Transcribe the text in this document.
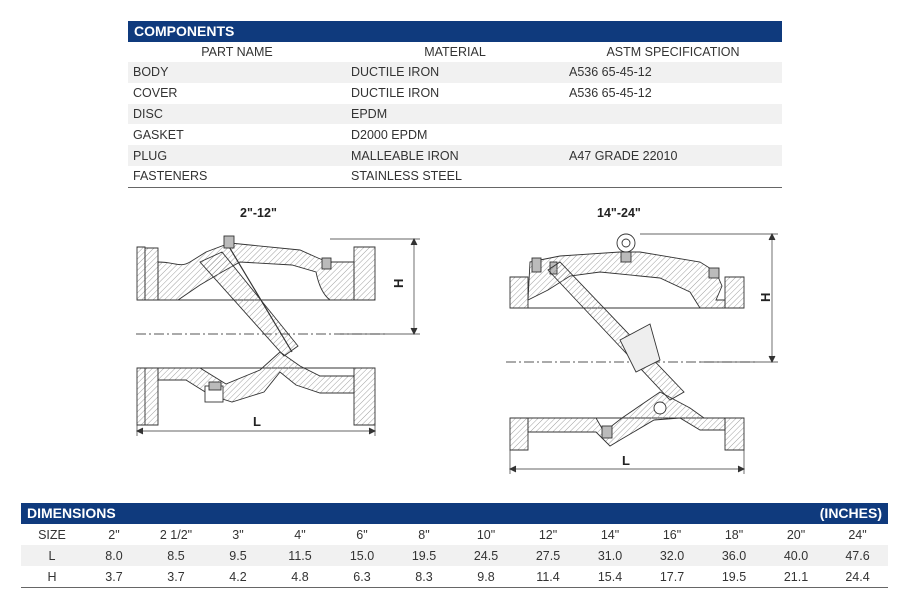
COMPONENTS
PART NAME	MATERIAL	ASTM SPECIFICATION
BODY	DUCTILE IRON	A536 65-45-12
COVER	DUCTILE IRON	A536 65-45-12
DISC	EPDM	
GASKET	D2000 EPDM	
PLUG	MALLEABLE IRON	A47 GRADE 22010
FASTENERS	STAINLESS STEEL	
2"-12"	14"-24"
H
L
H
L
DIMENSIONS	(INCHES)
SIZE	2"	2 1/2"	3"	4"	6"	8"	10"	12"	14"	16"	18"	20"	24"
L	8.0	8.5	9.5	11.5	15.0	19.5	24.5	27.5	31.0	32.0	36.0	40.0	47.6
H	3.7	3.7	4.2	4.8	6.3	8.3	9.8	11.4	15.4	17.7	19.5	21.1	24.4
